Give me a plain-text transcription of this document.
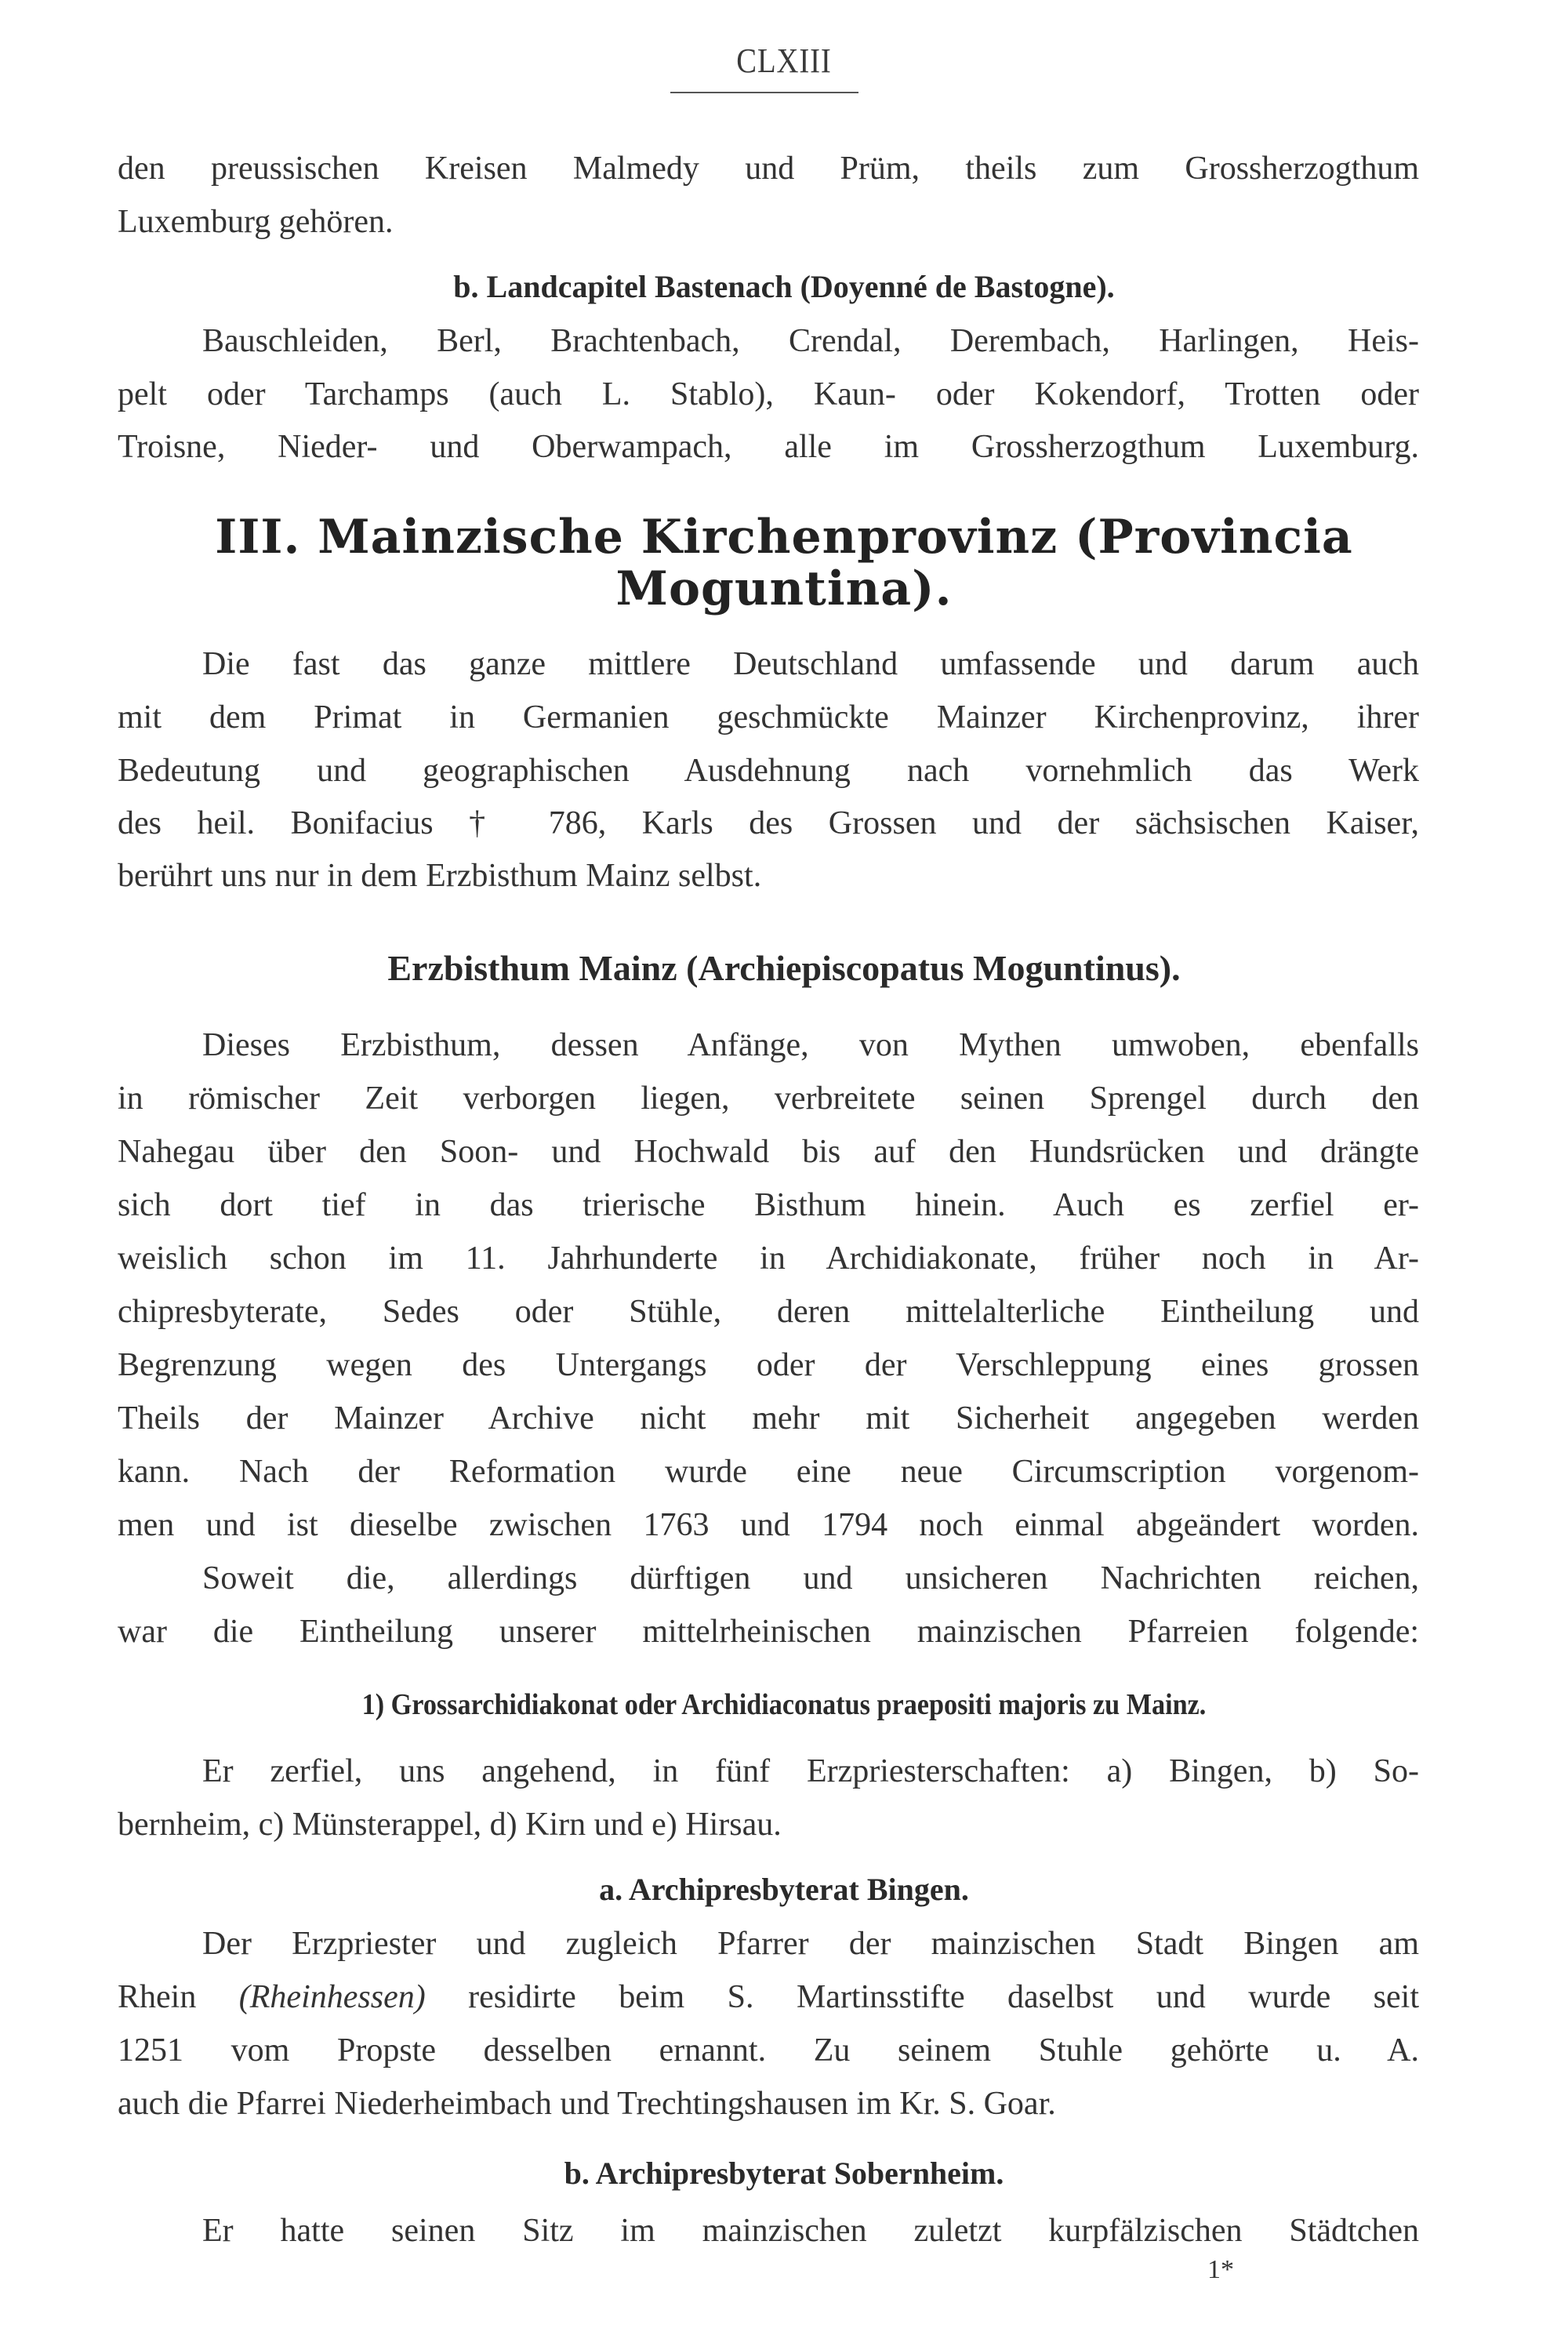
CLXIII
den preussischen Kreisen Malmedy und Prüm, theils zum Grossherzogthum
Luxemburg gehören.
b. Landcapitel Bastenach (Doyenné de Bastogne).
Bauschleiden, Berl, Brachtenbach, Crendal, Derembach, Harlingen, Heis-
pelt oder Tarchamps (auch L. Stablo), Kaun- oder Kokendorf, Trotten oder
Troisne, Nieder- und Oberwampach, alle im Grossherzogthum Luxemburg.
III. Mainzische Kirchenprovinz (Provincia
Moguntina).
Die fast das ganze mittlere Deutschland umfassende und darum auch
mit dem Primat in Germanien geschmückte Mainzer Kirchenprovinz, ihrer
Bedeutung und geographischen Ausdehnung nach vornehmlich das Werk
des heil. Bonifacius † 786, Karls des Grossen und der sächsischen Kaiser,
berührt uns nur in dem Erzbisthum Mainz selbst.
Erzbisthum Mainz (Archiepiscopatus Moguntinus).
Dieses Erzbisthum, dessen Anfänge, von Mythen umwoben, ebenfalls
in römischer Zeit verborgen liegen, verbreitete seinen Sprengel durch den
Nahegau über den Soon- und Hochwald bis auf den Hundsrücken und drängte
sich dort tief in das trierische Bisthum hinein. Auch es zerfiel er-
weislich schon im 11. Jahrhunderte in Archidiakonate, früher noch in Ar-
chipresbyterate, Sedes oder Stühle, deren mittelalterliche Eintheilung und
Begrenzung wegen des Untergangs oder der Verschleppung eines grossen
Theils der Mainzer Archive nicht mehr mit Sicherheit angegeben werden
kann. Nach der Reformation wurde eine neue Circumscription vorgenom-
men und ist dieselbe zwischen 1763 und 1794 noch einmal abgeändert worden.
Soweit die, allerdings dürftigen und unsicheren Nachrichten reichen,
war die Eintheilung unserer mittelrheinischen mainzischen Pfarreien folgende:
1) Grossarchidiakonat oder Archidiaconatus praepositi majoris zu Mainz.
Er zerfiel, uns angehend, in fünf Erzpriesterschaften: a) Bingen, b) So-
bernheim, c) Münsterappel, d) Kirn und e) Hirsau.
a. Archipresbyterat Bingen.
Der Erzpriester und zugleich Pfarrer der mainzischen Stadt Bingen am
Rhein (Rheinhessen) residirte beim S. Martinsstifte daselbst und wurde seit
1251 vom Propste desselben ernannt. Zu seinem Stuhle gehörte u. A.
auch die Pfarrei Niederheimbach und Trechtingshausen im Kr. S. Goar.
b. Archipresbyterat Sobernheim.
Er hatte seinen Sitz im mainzischen zuletzt kurpfälzischen Städtchen
1*
